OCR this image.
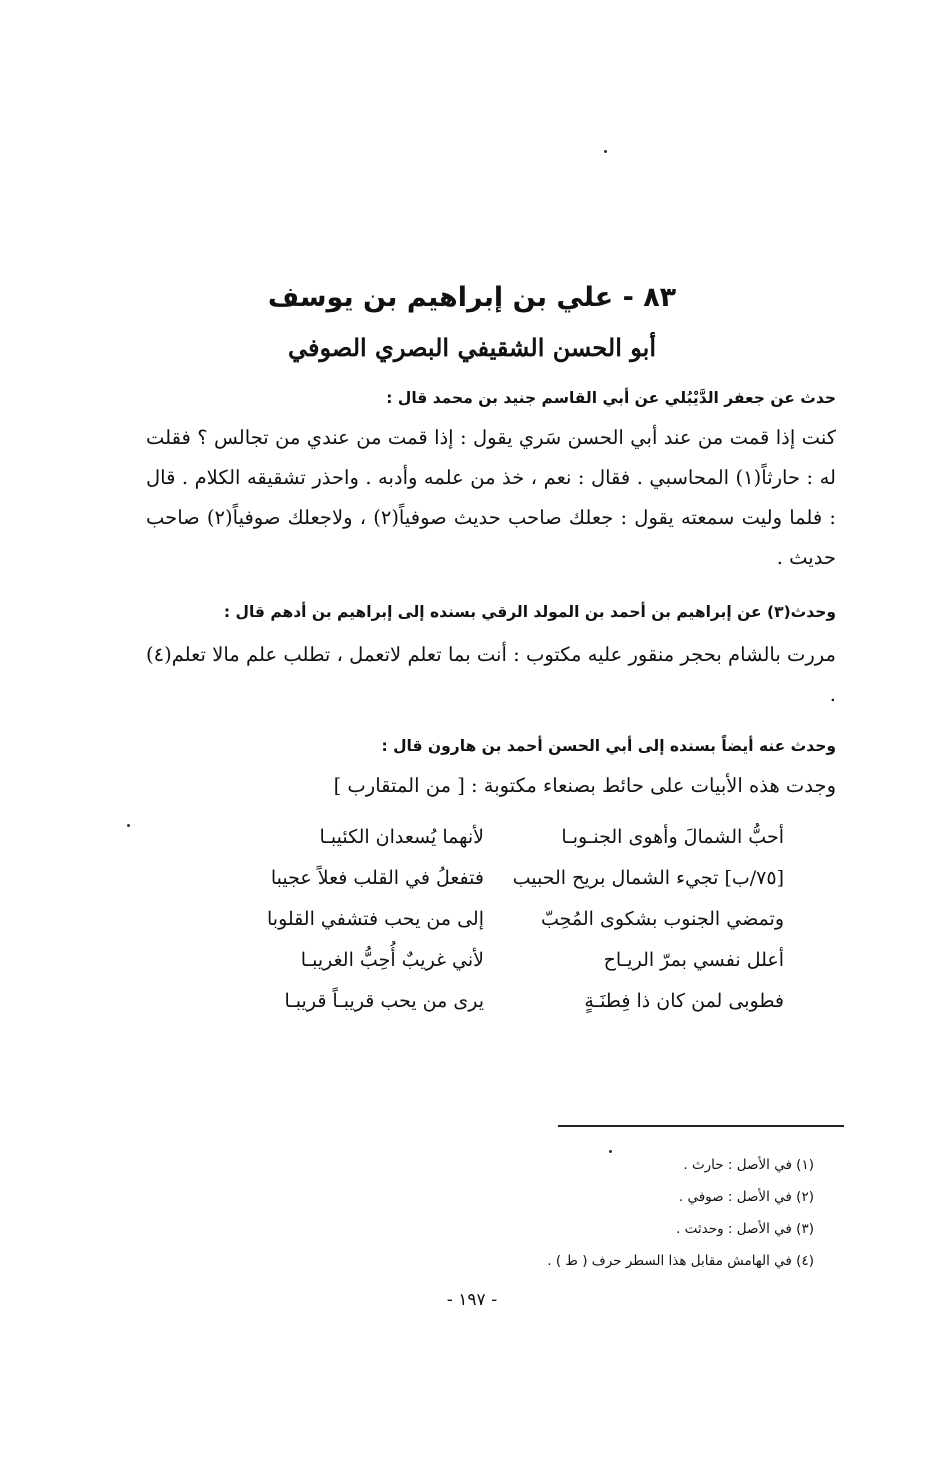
٨٣ - علي بن إبراهيم بن يوسف
أبو الحسن الشقيفي البصري الصوفي
حدث عن جعفر الدَّيْبُلي عن أبي القاسم جنيد بن محمد قال :
كنت إذا قمت من عند أبي الحسن سَري يقول : إذا قمت من عندي من تجالس ؟ فقلت له : حارثاً(١) المحاسبي . فقال : نعم ، خذ من علمه وأدبه . واحذر تشقيقه الكلام . قال : فلما وليت سمعته يقول : جعلك صاحب حديث صوفياً(٢) ، ولاجعلك صوفياً(٢) صاحب حديث .
وحدث(٣) عن إبراهيم بن أحمد بن المولد الرقي بسنده إلى إبراهيم بن أدهم قال :
مررت بالشام بحجر منقور عليه مكتوب : أنت بما تعلم لاتعمل ، تطلب علم مالا تعلم(٤) .
وحدث عنه أيضاً بسنده إلى أبي الحسن أحمد بن هارون قال :
وجدت هذه الأبيات على حائط بصنعاء مكتوبة : [ من المتقارب ]
أحبُّ الشمالَ وأهوى الجنـوبـا
لأنهما يُسعدان الكئيبـا
[٧٥/ب] تجيء الشمال بريح الحبيب
فتفعلُ في القلب فعلاً عجيبا
وتمضي الجنوب بشكوى المُحِبّ
إلى من يحب فتشفي القلوبا
أعلل نفسي بمرّ الريـاح
لأني غريبٌ أُحِبُّ الغريبـا
فطوبى لمن كان ذا فِطنَـةٍ
يرى من يحب قريبـاً قريبـا
(١) في الأصل : حارث .
(٢) في الأصل : صوفي .
(٣) في الأصل : وحدثت .
(٤) في الهامش مقابل هذا السطر حرف ( ط ) .
- ١٩٧ -
